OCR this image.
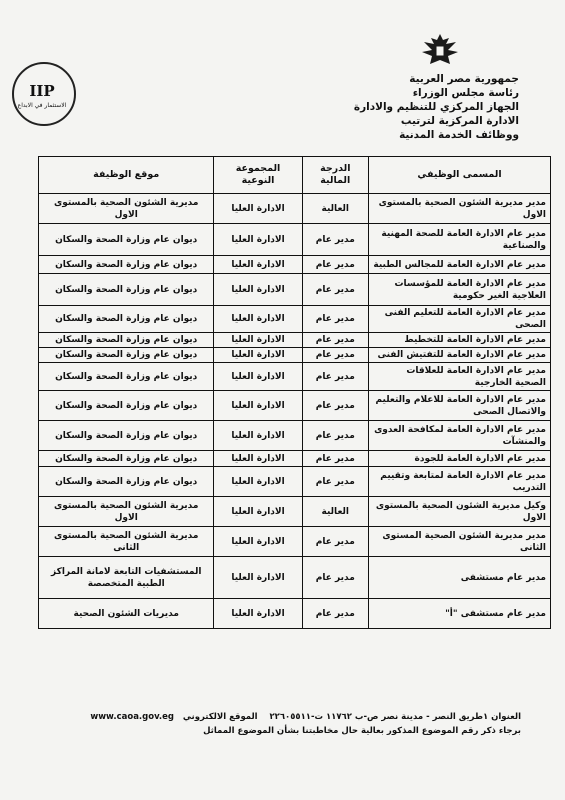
IIP
الاستثمار في الابداع
جمهورية مصر العربية
رئاسة مجلس الوزراء
الجهاز المركزي للتنظيم والادارة
الادارة المركزية لترتيب
ووظائف الخدمة المدنية
المسمى الوظيفي	الدرجة المالية	المجموعة النوعية	موقع الوظيفة
مدير مديرية الشئون الصحية بالمستوى الاول	العالية	الادارة العليا	مديرية الشئون الصحية بالمستوى الاول
مدير عام الادارة العامة للصحة المهنية والصناعية	مدير عام	الادارة العليا	ديوان عام وزارة الصحة والسكان
مدير عام الادارة العامة للمجالس الطبية	مدير عام	الادارة العليا	ديوان عام وزارة الصحة والسكان
مدير عام الادارة العامة للمؤسسات العلاجية الغير حكومية	مدير عام	الادارة العليا	ديوان عام وزارة الصحة والسكان
مدير عام الادارة العامة للتعليم الفنى الصحى	مدير عام	الادارة العليا	ديوان عام وزارة الصحة والسكان
مدير عام الادارة العامة للتخطيط	مدير عام	الادارة العليا	ديوان عام وزارة الصحة والسكان
مدير عام الادارة العامة للتفتيش الفنى	مدير عام	الادارة العليا	ديوان عام وزارة الصحة والسكان
مدير عام الادارة العامة للعلاقات الصحية الخارجية	مدير عام	الادارة العليا	ديوان عام وزارة الصحة والسكان
مدير عام الادارة العامة للاعلام والتعليم والاتصال الصحى	مدير عام	الادارة العليا	ديوان عام وزارة الصحة والسكان
مدير عام الادارة العامة لمكافحة العدوى والمنشآت	مدير عام	الادارة العليا	ديوان عام وزارة الصحة والسكان
مدير عام الادارة العامة للجودة	مدير عام	الادارة العليا	ديوان عام وزارة الصحة والسكان
مدير عام الادارة العامة لمتابعة وتقييم التدريب	مدير عام	الادارة العليا	ديوان عام وزارة الصحة والسكان
وكيل مديرية الشئون الصحية بالمستوى الاول	العالية	الادارة العليا	مديرية الشئون الصحية بالمستوى الاول
مدير مديرية الشئون الصحية المستوى الثانى	مدير عام	الادارة العليا	مديرية الشئون الصحية بالمستوى الثانى
مدير عام مستشفى	مدير عام	الادارة العليا	المستشفيات التابعة لامانة المراكز الطبية المتخصصة
مدير عام مستشفى "أ"	مدير عام	الادارة العليا	مديريات الشئون الصحية
العنوان ١طريق النصر - مدينة نصر ص-ب ١١٧٦٢ ت-٢٢٦٠٥٥١١    الموقع الالكتروني   www.caoa.gov.eg
برجاء ذكر رقم الموضوع المذكور بعالية حال مخاطبتنا بشأن الموضوع المماثل
